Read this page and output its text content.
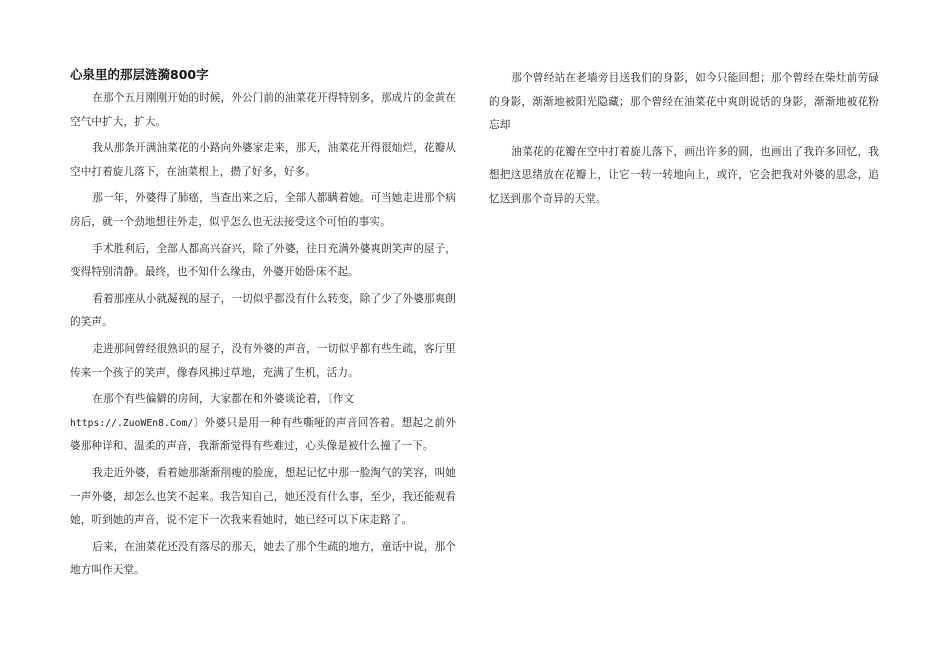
心泉里的那层涟漪800字

在那个五月刚刚开始的时候，外公门前的油菜花开得特别多，那成片的金黄在空气中扩大，扩大。

我从那条开满油菜花的小路向外婆家走来，那天，油菜花开得很灿烂，花瓣从空中打着旋儿落下，在油菜根上，攒了好多，好多。

那一年，外婆得了肺癌，当查出来之后，全部人都瞒着她。可当她走进那个病房后，就一个劲地想往外走，似乎怎么也无法接受这个可怕的事实。

手术胜利后，全部人都高兴奋兴，除了外婆，往日充满外婆爽朗笑声的屋子，变得特别清静。最终，也不知什么缘由，外婆开始卧床不起。

看着那座从小就凝视的屋子，一切似乎都没有什么转变，除了少了外婆那爽朗的笑声。

走进那间曾经很熟识的屋子，没有外婆的声音，一切似乎都有些生疏，客厅里传来一个孩子的笑声，像春风拂过草地，充满了生机，活力。

在那个有些偏僻的房间，大家都在和外婆谈论着，〔作文
https://.ZuoWEn8.Com/〕外婆只是用一种有些嘶哑的声音回答着。想起之前外婆那种详和、温柔的声音，我渐渐觉得有些难过，心头像是被什么撞了一下。

我走近外婆，看着她那渐渐削瘦的脸庞，想起记忆中那一脸淘气的笑容，叫她一声外婆，却怎么也笑不起来。我告知自己，她还没有什么事，至少，我还能观看她，听到她的声音，说不定下一次我来看她时，她已经可以下床走路了。

后来，在油菜花还没有落尽的那天，她去了那个生疏的地方，童话中说，那个地方叫作天堂。

那个曾经站在老墙旁目送我们的身影，如今只能回想；那个曾经在柴灶前劳碌的身影，渐渐地被阳光隐藏；那个曾经在油菜花中爽朗说话的身影，渐渐地被花粉忘却

油菜花的花瓣在空中打着旋儿落下，画出许多的圆，也画出了我许多回忆，我想把这思绪放在花瓣上，让它一转一转地向上，或许，它会把我对外婆的思念，追忆送到那个奇异的天堂。
